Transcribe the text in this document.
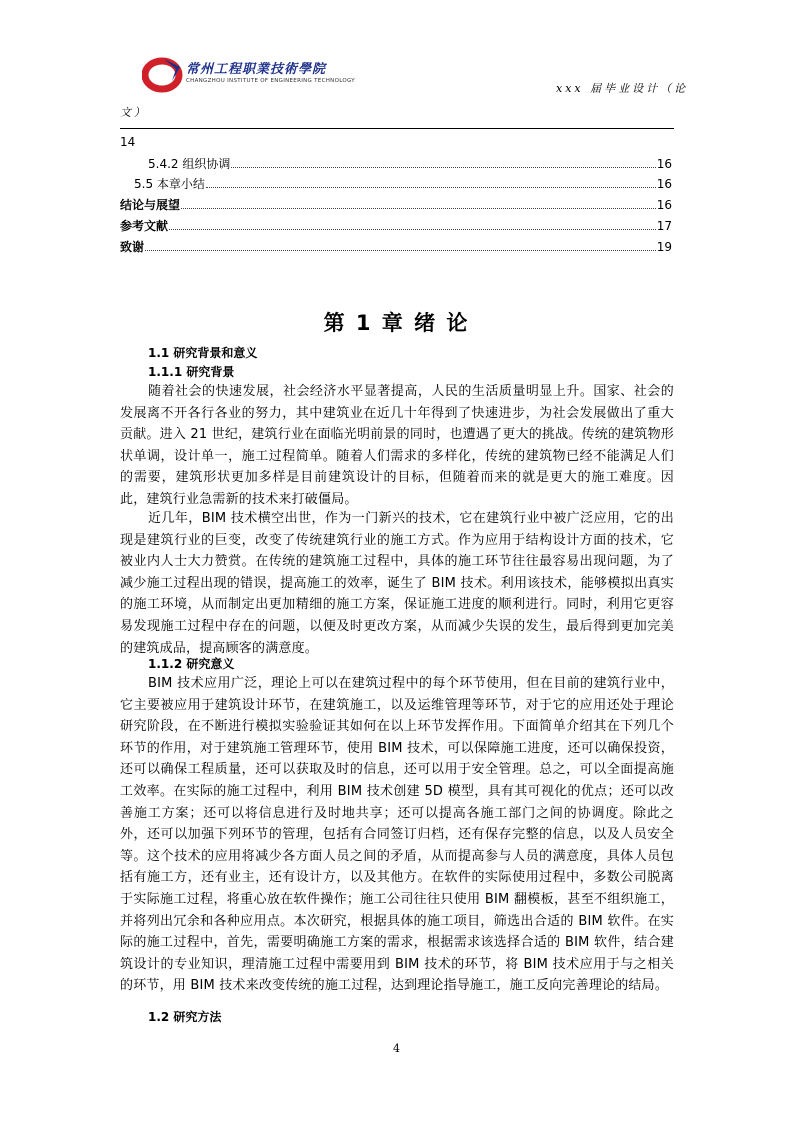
常州工程职業技術學院
CHANGZHOU INSTITUTE OF ENGINEERING TECHNOLOGY
xxx 届毕业设计（论
文）
14
5.4.2 组织协调	16
5.5 本章小结	16
结论与展望	16
参考文献	17
致谢	19
第 1 章 绪 论
1.1 研究背景和意义
1.1.1 研究背景

随着社会的快速发展，社会经济水平显著提高，人民的生活质量明显上升。国家、社会的发展离不开各行各业的努力，其中建筑业在近几十年得到了快速进步，为社会发展做出了重大贡献。进入 21 世纪，建筑行业在面临光明前景的同时，也遭遇了更大的挑战。传统的建筑物形状单调，设计单一，施工过程简单。随着人们需求的多样化，传统的建筑物已经不能满足人们的需要，建筑形状更加多样是目前建筑设计的目标，但随着而来的就是更大的施工难度。因此，建筑行业急需新的技术来打破僵局。

近几年，BIM 技术横空出世，作为一门新兴的技术，它在建筑行业中被广泛应用，它的出现是建筑行业的巨变，改变了传统建筑行业的施工方式。作为应用于结构设计方面的技术，它被业内人士大力赞赏。在传统的建筑施工过程中，具体的施工环节往往最容易出现问题，为了减少施工过程出现的错误，提高施工的效率，诞生了 BIM 技术。利用该技术，能够模拟出真实的施工环境，从而制定出更加精细的施工方案，保证施工进度的顺利进行。同时，利用它更容易发现施工过程中存在的问题，以便及时更改方案，从而减少失误的发生，最后得到更加完美的建筑成品，提高顾客的满意度。

1.1.2 研究意义

BIM 技术应用广泛，理论上可以在建筑过程中的每个环节使用，但在目前的建筑行业中，它主要被应用于建筑设计环节，在建筑施工，以及运维管理等环节，对于它的应用还处于理论研究阶段，在不断进行模拟实验验证其如何在以上环节发挥作用。下面简单介绍其在下列几个环节的作用，对于建筑施工管理环节，使用 BIM 技术，可以保障施工进度，还可以确保投资，还可以确保工程质量，还可以获取及时的信息，还可以用于安全管理。总之，可以全面提高施工效率。在实际的施工过程中，利用 BIM 技术创建 5D 模型，具有其可视化的优点；还可以改善施工方案；还可以将信息进行及时地共享；还可以提高各施工部门之间的协调度。除此之外，还可以加强下列环节的管理，包括有合同签订归档，还有保存完整的信息，以及人员安全等。这个技术的应用将减少各方面人员之间的矛盾，从而提高参与人员的满意度，具体人员包括有施工方，还有业主，还有设计方，以及其他方。在软件的实际使用过程中，多数公司脱离于实际施工过程，将重心放在软件操作；施工公司往往只使用 BIM 翻模板，甚至不组织施工，并将列出冗余和各种应用点。本次研究，根据具体的施工项目，筛选出合适的 BIM 软件。在实际的施工过程中，首先，需要明确施工方案的需求，根据需求该选择合适的 BIM 软件，结合建筑设计的专业知识，理清施工过程中需要用到 BIM 技术的环节，将 BIM 技术应用于与之相关的环节，用 BIM 技术来改变传统的施工过程，达到理论指导施工，施工反向完善理论的结局。

1.2 研究方法
4
